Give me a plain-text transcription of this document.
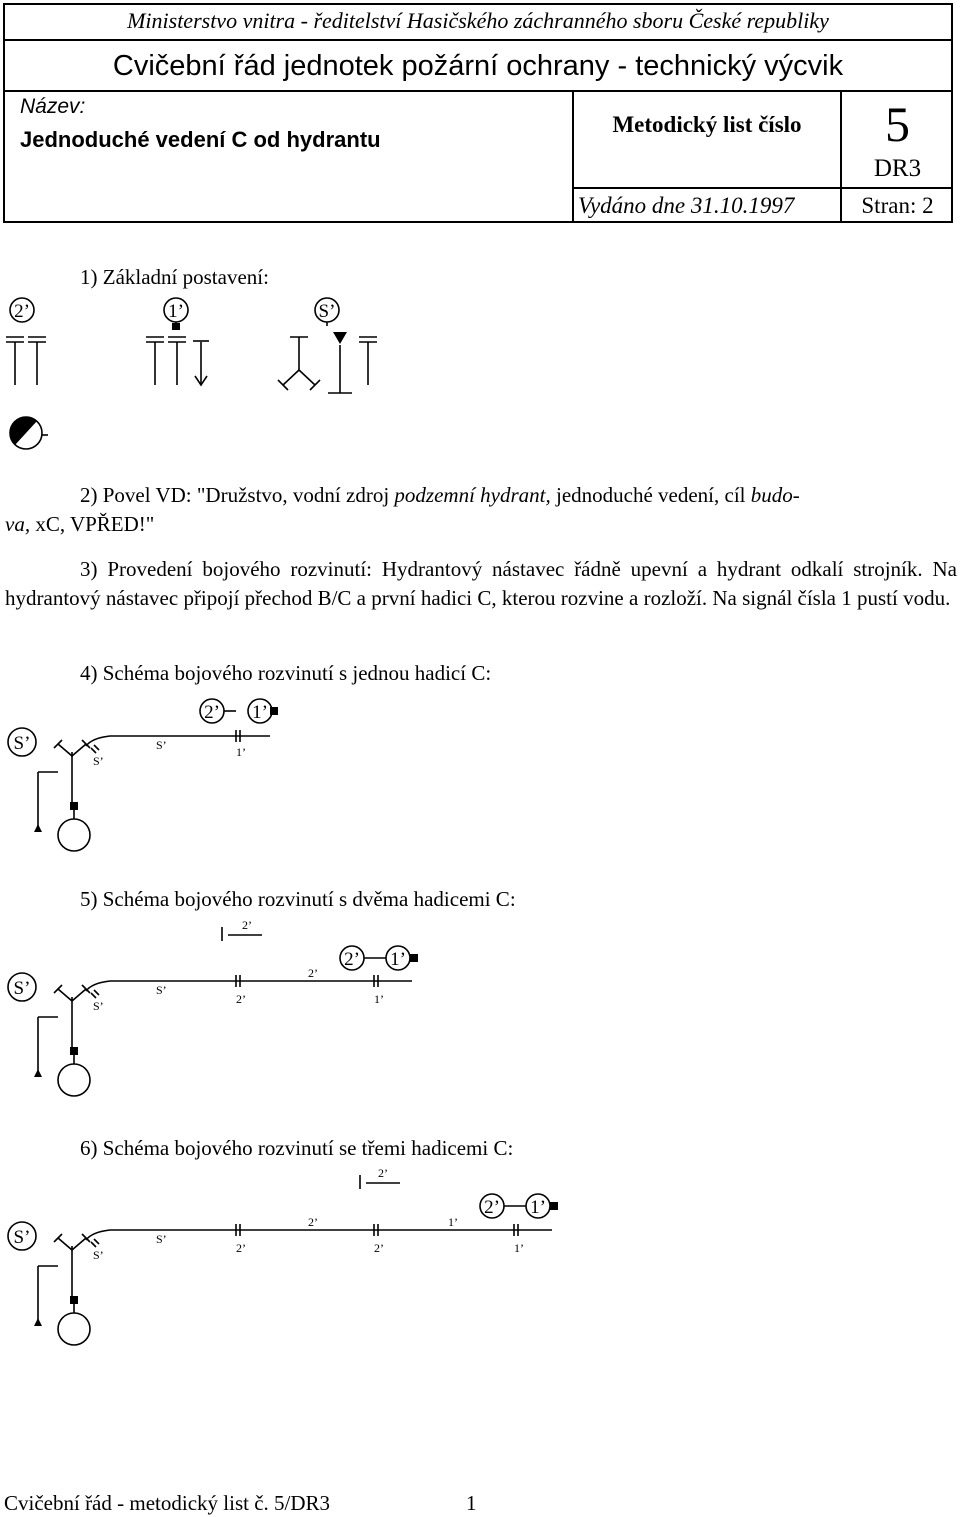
Ministerstvo vnitra - ředitelství Hasičského záchranného sboru České republiky
Cvičební řád jednotek požární ochrany - technický výcvik
Název:
Jednoduché vedení C od hydrantu
Metodický list číslo	5
DR3
Vydáno dne 31.10.1997	Stran: 2
1) Základní postavení:
2’	1’	S’
2) Povel VD: "Družstvo, vodní zdroj podzemní hydrant, jednoduché vedení, cíl budo-
va, xC, VPŘED!"
3) Provedení bojového rozvinutí: Hydrantový nástavec řádně upevní a hydrant odkalí strojník. Na hydrantový nástavec připojí přechod B/C a první hadici C, kterou rozvine a rozloží. Na signál čísla 1 pustí vodu.
4) Schéma bojového rozvinutí s jednou hadicí C:
S’
2’ 1’
S’
S’
1’
5) Schéma bojového rozvinutí s dvěma hadicemi C:
S’
2’ 1’
2’
2’
S’
S’	2’	1’
6) Schéma bojového rozvinutí se třemi hadicemi C:
S’
2’ 1’
2’
2’	1’
S’
S’	2’	2’	1’
Cvičební řád - metodický list č. 5/DR3	1
